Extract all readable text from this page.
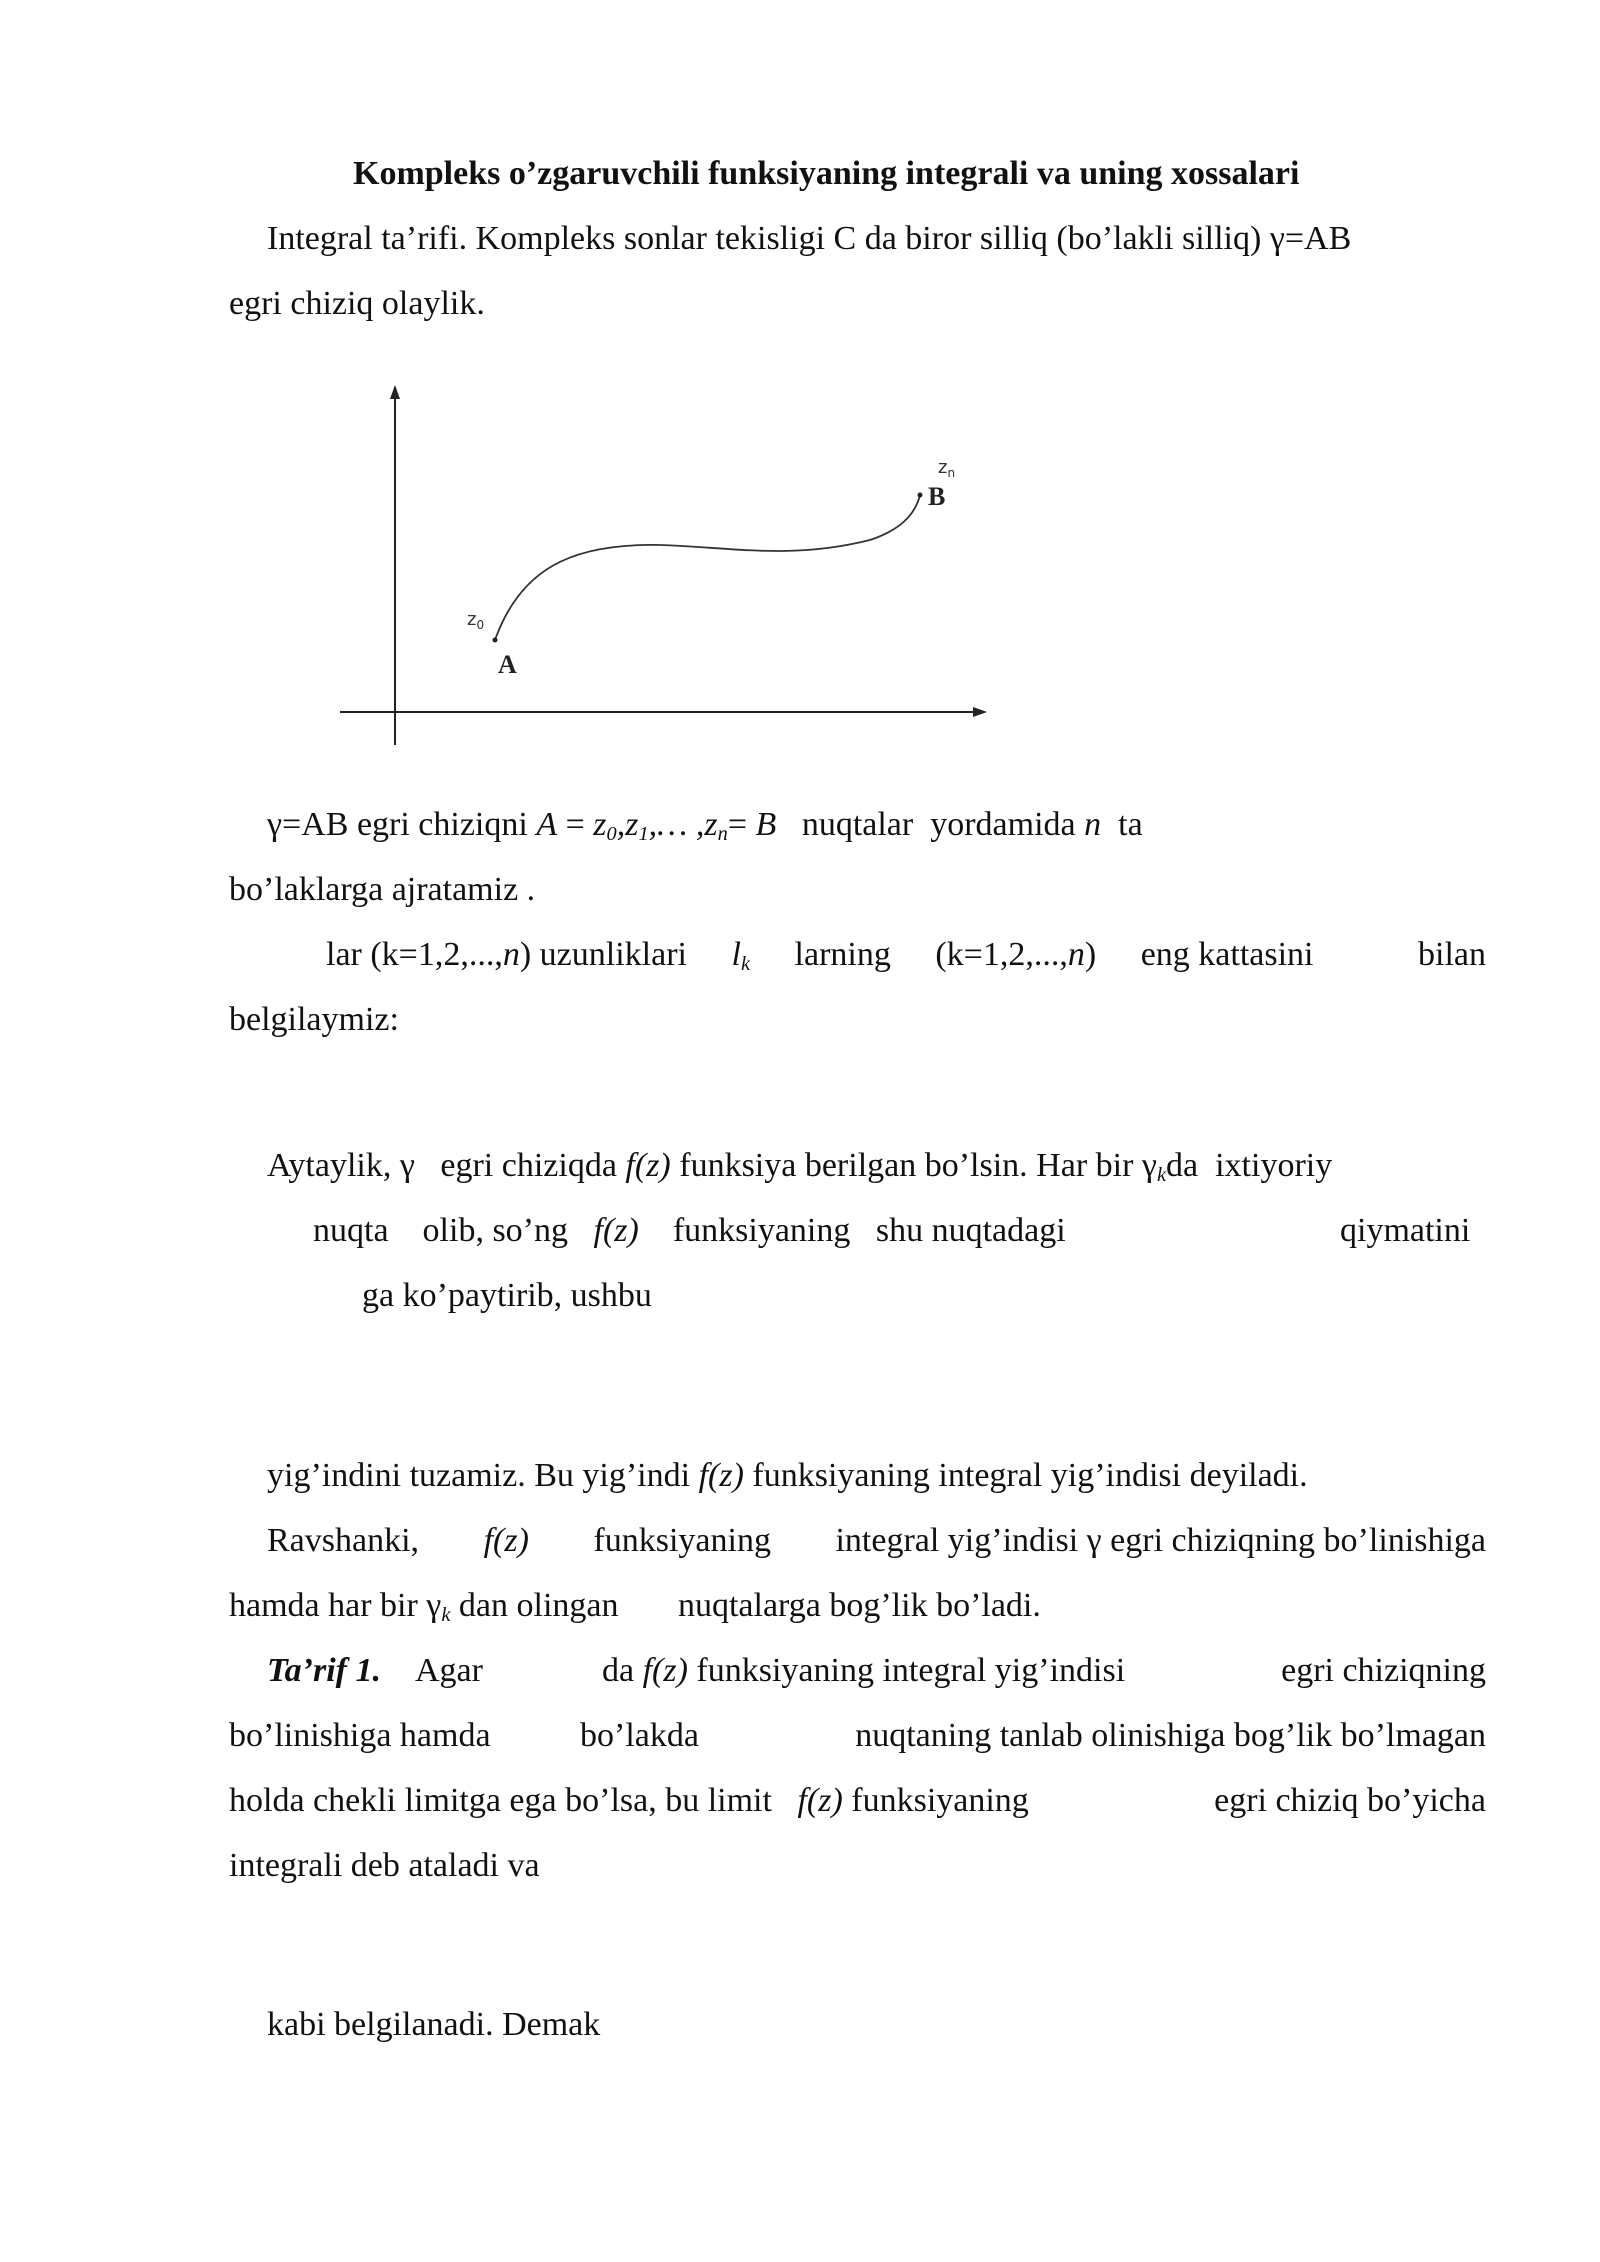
Kompleks o’zgaruvchili funksiyaning integrali va uning xossalari
Integral ta’rifi. Kompleks sonlar tekisligi C da biror silliq (bo’lakli silliq) γ=AB
egri chiziq olaylik.
$z_0$
$z_n$
A
B
γ=AB egri chiziqni $A = z_0,z_1,\dots$ $,z_n= B$ nuqtalar yordamida n ta
bo’laklarga ajratamiz .
lar (k=1,2,...,n) uzunliklari $l_k$ larning (k=1,2,...,n) eng kattasini	bilan
belgilaymiz:
Aytaylik, γ egri chiziqda f(z) funksiya berilgan bo’lsin. Har bir $\gamma_kda$ ixtiyoriy
nuqta olib, so’ng f(z) funksiyaning shu nuqtadagi	qiymatini
ga ko’paytirib, ushbu
yig’indini tuzamiz. Bu yig’indi f(z) funksiyaning integral yig’indisi deyiladi.
Ravshanki, f(z) funksiyaning integral yig’indisi γ egri chiziqning bo’linishiga
hamda har bir $\gamma_k$ dan olingan nuqtalarga bog’lik bo’ladi.
Ta’rif 1. Agar	da f(z) funksiyaning integral yig’indisi	egri chiziqning
bo’linishiga hamda	bo’lakda	nuqtaning tanlab olinishiga bog’lik bo’lmagan
holda chekli limitga ega bo’lsa, bu limit f(z) funksiyaning	egri chiziq bo’yicha
integrali deb ataladi va
kabi belgilanadi. Demak
